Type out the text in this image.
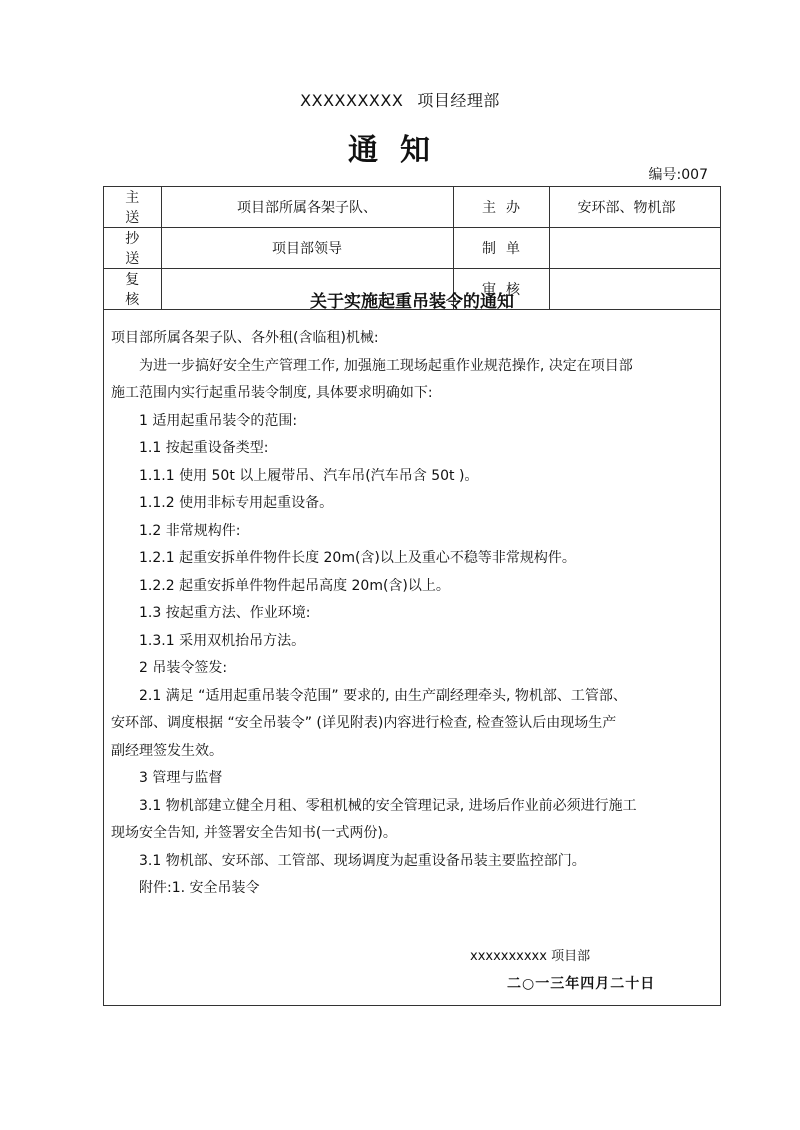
XXXXXXXXX 项目经理部
通知
编号:007
主送	项目部所属各架子队、	主办	安环部、物机部
抄送	项目部领导	制单	
复核		审核	
关于实施起重吊装令的通知
项目部所属各架子队、各外租(含临租)机械:
为进一步搞好安全生产管理工作, 加强施工现场起重作业规范操作, 决定在项目部
施工范围内实行起重吊装令制度, 具体要求明确如下:
1 适用起重吊装令的范围:
1.1 按起重设备类型:
1.1.1 使用 50t 以上履带吊、汽车吊(汽车吊含 50t )。
1.1.2 使用非标专用起重设备。
1.2 非常规构件:
1.2.1 起重安拆单件物件长度 20m(含)以上及重心不稳等非常规构件。
1.2.2 起重安拆单件物件起吊高度 20m(含)以上。
1.3 按起重方法、作业环境:
1.3.1 采用双机抬吊方法。
2 吊装令签发:
2.1 满足 “适用起重吊装令范围” 要求的, 由生产副经理牵头, 物机部、工管部、
安环部、调度根据 “安全吊装令” (详见附表)内容进行检查, 检查签认后由现场生产
副经理签发生效。
3 管理与监督
3.1 物机部建立健全月租、零租机械的安全管理记录, 进场后作业前必须进行施工
现场安全告知, 并签署安全告知书(一式两份)。
3.1 物机部、安环部、工管部、现场调度为起重设备吊装主要监控部门。
附件:1. 安全吊装令
xxxxxxxxxx 项目部
二○一三年四月二十日
